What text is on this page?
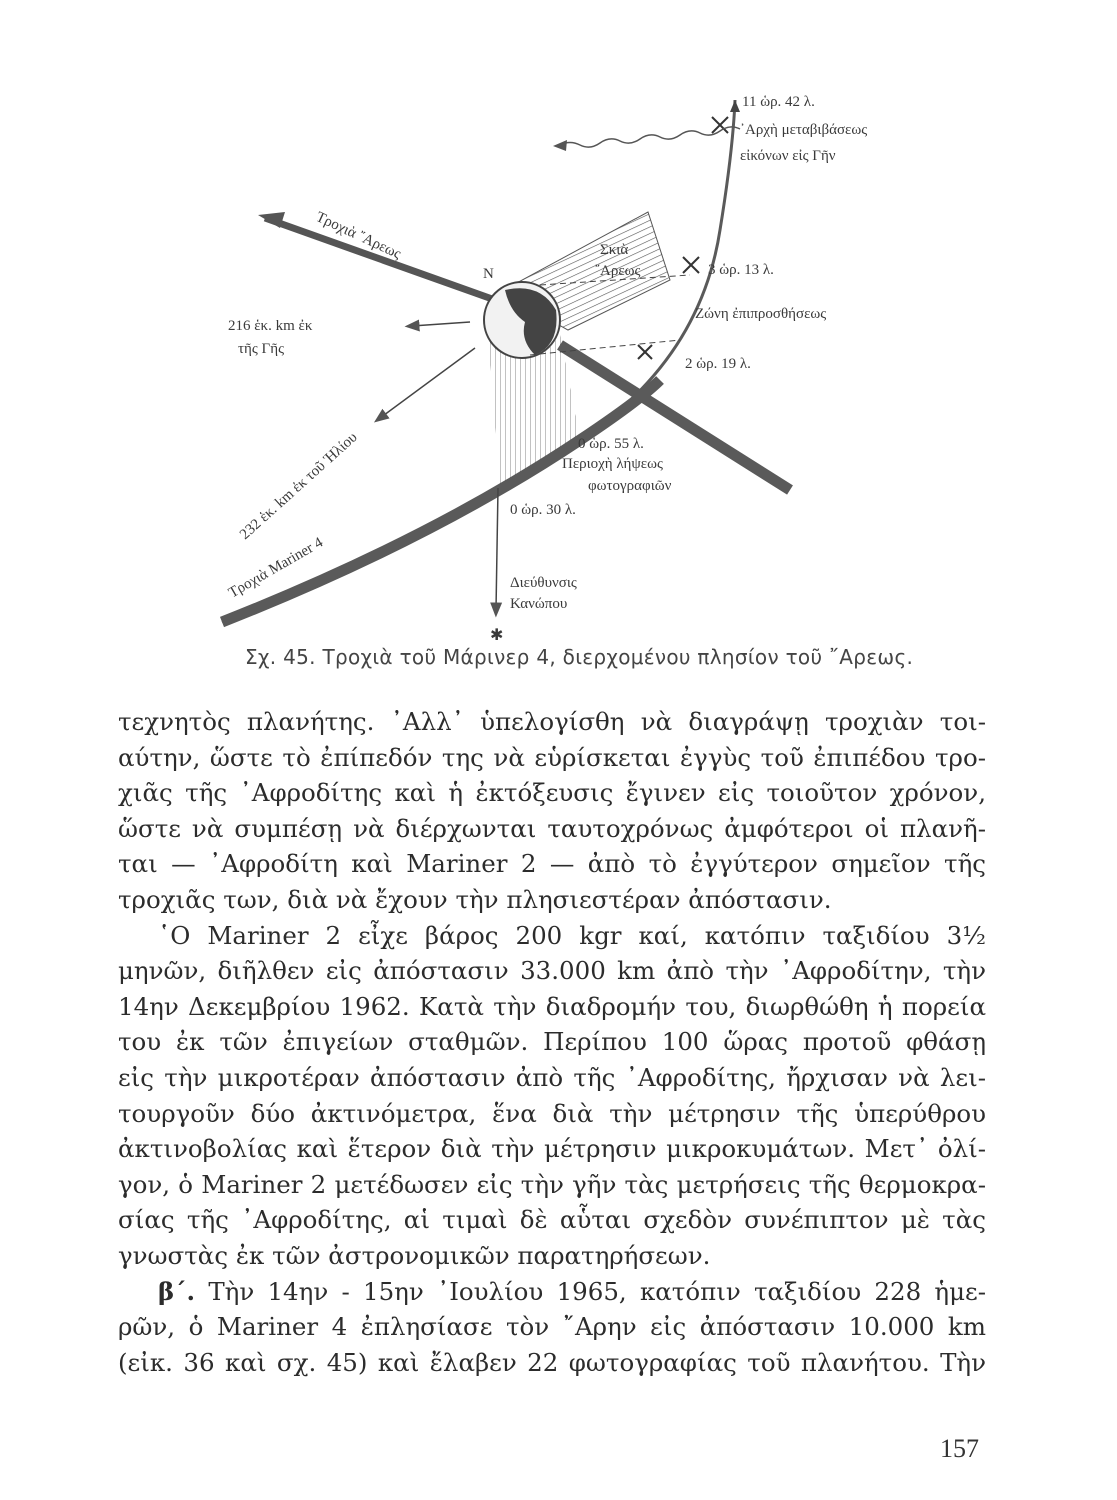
✱
11 ὡρ. 42 λ.
᾿Αρχὴ μεταβιβάσεως
εἰκόνων εἰς Γῆν
Τροχιὰ ῎Αρεως	Σκιὰ
῎Αρεως
N	3 ὡρ. 13 λ.
Ζώνη ἐπιπροσθήσεως
216 ἑκ. km ἐκ
τῆς Γῆς
2 ὡρ. 19 λ.
232 ἑκ. km ἐκ τοῦ Ἡλίου	0 ὡρ. 55 λ.
Περιοχὴ λήψεως
φωτογραφιῶν
0 ὡρ. 30 λ.
Τροχιὰ Mariner 4	Διεύθυνσις
Κανώπου
Σχ. 45. Τροχιὰ τοῦ Μάρινερ 4, διερχομένου πλησίον τοῦ ῎Αρεως.
τεχνητὸς πλανήτης. ᾿Αλλ᾿ ὑπελογίσθη νὰ διαγράψῃ τροχιὰν τοι-
αύτην, ὥστε τὸ ἐπίπεδόν της νὰ εὑρίσκεται ἐγγὺς τοῦ ἐπιπέδου τρο-
χιᾶς τῆς ᾿Αφροδίτης καὶ ἡ ἐκτόξευσις ἔγινεν εἰς τοιοῦτον χρόνον,
ὥστε νὰ συμπέσῃ νὰ διέρχωνται ταυτοχρόνως ἀμφότεροι οἱ πλανῆ-
ται — ᾿Αφροδίτη καὶ Mariner 2 — ἀπὸ τὸ ἐγγύτερον σημεῖον τῆς
τροχιᾶς των, διὰ νὰ ἔχουν τὴν πλησιεστέραν ἀπόστασιν.
῾Ο Mariner 2 εἶχε βάρος 200 kgr καί, κατόπιν ταξιδίου 3½
μηνῶν, διῆλθεν εἰς ἀπόστασιν 33.000 km ἀπὸ τὴν ᾿Αφροδίτην, τὴν
14ην Δεκεμβρίου 1962. Κατὰ τὴν διαδρομήν του, διωρθώθη ἡ πορεία
του ἐκ τῶν ἐπιγείων σταθμῶν. Περίπου 100 ὥρας προτοῦ φθάσῃ
εἰς τὴν μικροτέραν ἀπόστασιν ἀπὸ τῆς ᾿Αφροδίτης, ἤρχισαν νὰ λει-
τουργοῦν δύο ἀκτινόμετρα, ἕνα διὰ τὴν μέτρησιν τῆς ὑπερύθρου
ἀκτινοβολίας καὶ ἕτερον διὰ τὴν μέτρησιν μικροκυμάτων. Μετ᾿ ὀλί-
γον, ὁ Mariner 2 μετέδωσεν εἰς τὴν γῆν τὰς μετρήσεις τῆς θερμοκρα-
σίας τῆς ᾿Αφροδίτης, αἱ τιμαὶ δὲ αὗται σχεδὸν συνέπιπτον μὲ τὰς
γνωστὰς ἐκ τῶν ἀστρονομικῶν παρατηρήσεων.
β΄. Τὴν 14ην - 15ην ᾿Ιουλίου 1965, κατόπιν ταξιδίου 228 ἡμε-
ρῶν, ὁ Mariner 4 ἐπλησίασε τὸν ῎Αρην εἰς ἀπόστασιν 10.000 km
(εἰκ. 36 καὶ σχ. 45) καὶ ἔλαβεν 22 φωτογραφίας τοῦ πλανήτου. Τὴν
157
